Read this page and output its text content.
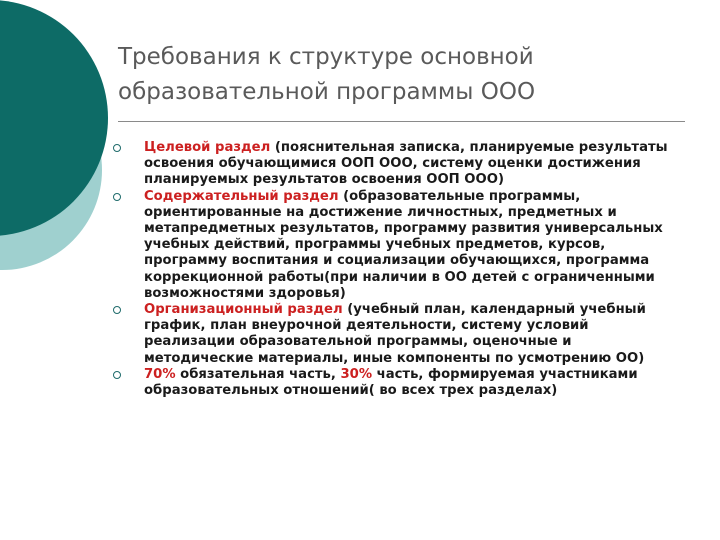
Требования к структуре основной
образовательной программы ООО
Целевой раздел (пояснительная записка, планируемые результаты освоения обучающимися ООП ООО, систему оценки достижения планируемых результатов освоения ООП ООО)
Содержательный раздел (образовательные программы, ориентированные на достижение личностных, предметных и метапредметных результатов, программу развития универсальных учебных действий, программы учебных предметов, курсов, программу воспитания и социализации обучающихся, программа коррекционной работы(при наличии в ОО детей с ограниченными возможностями здоровья)
Организационный раздел (учебный план, календарный учебный график, план внеурочной деятельности, систему условий реализации образовательной программы, оценочные и методические материалы, иные компоненты по усмотрению ОО)
70% обязательная часть, 30% часть, формируемая участниками образовательных отношений( во всех трех разделах)
